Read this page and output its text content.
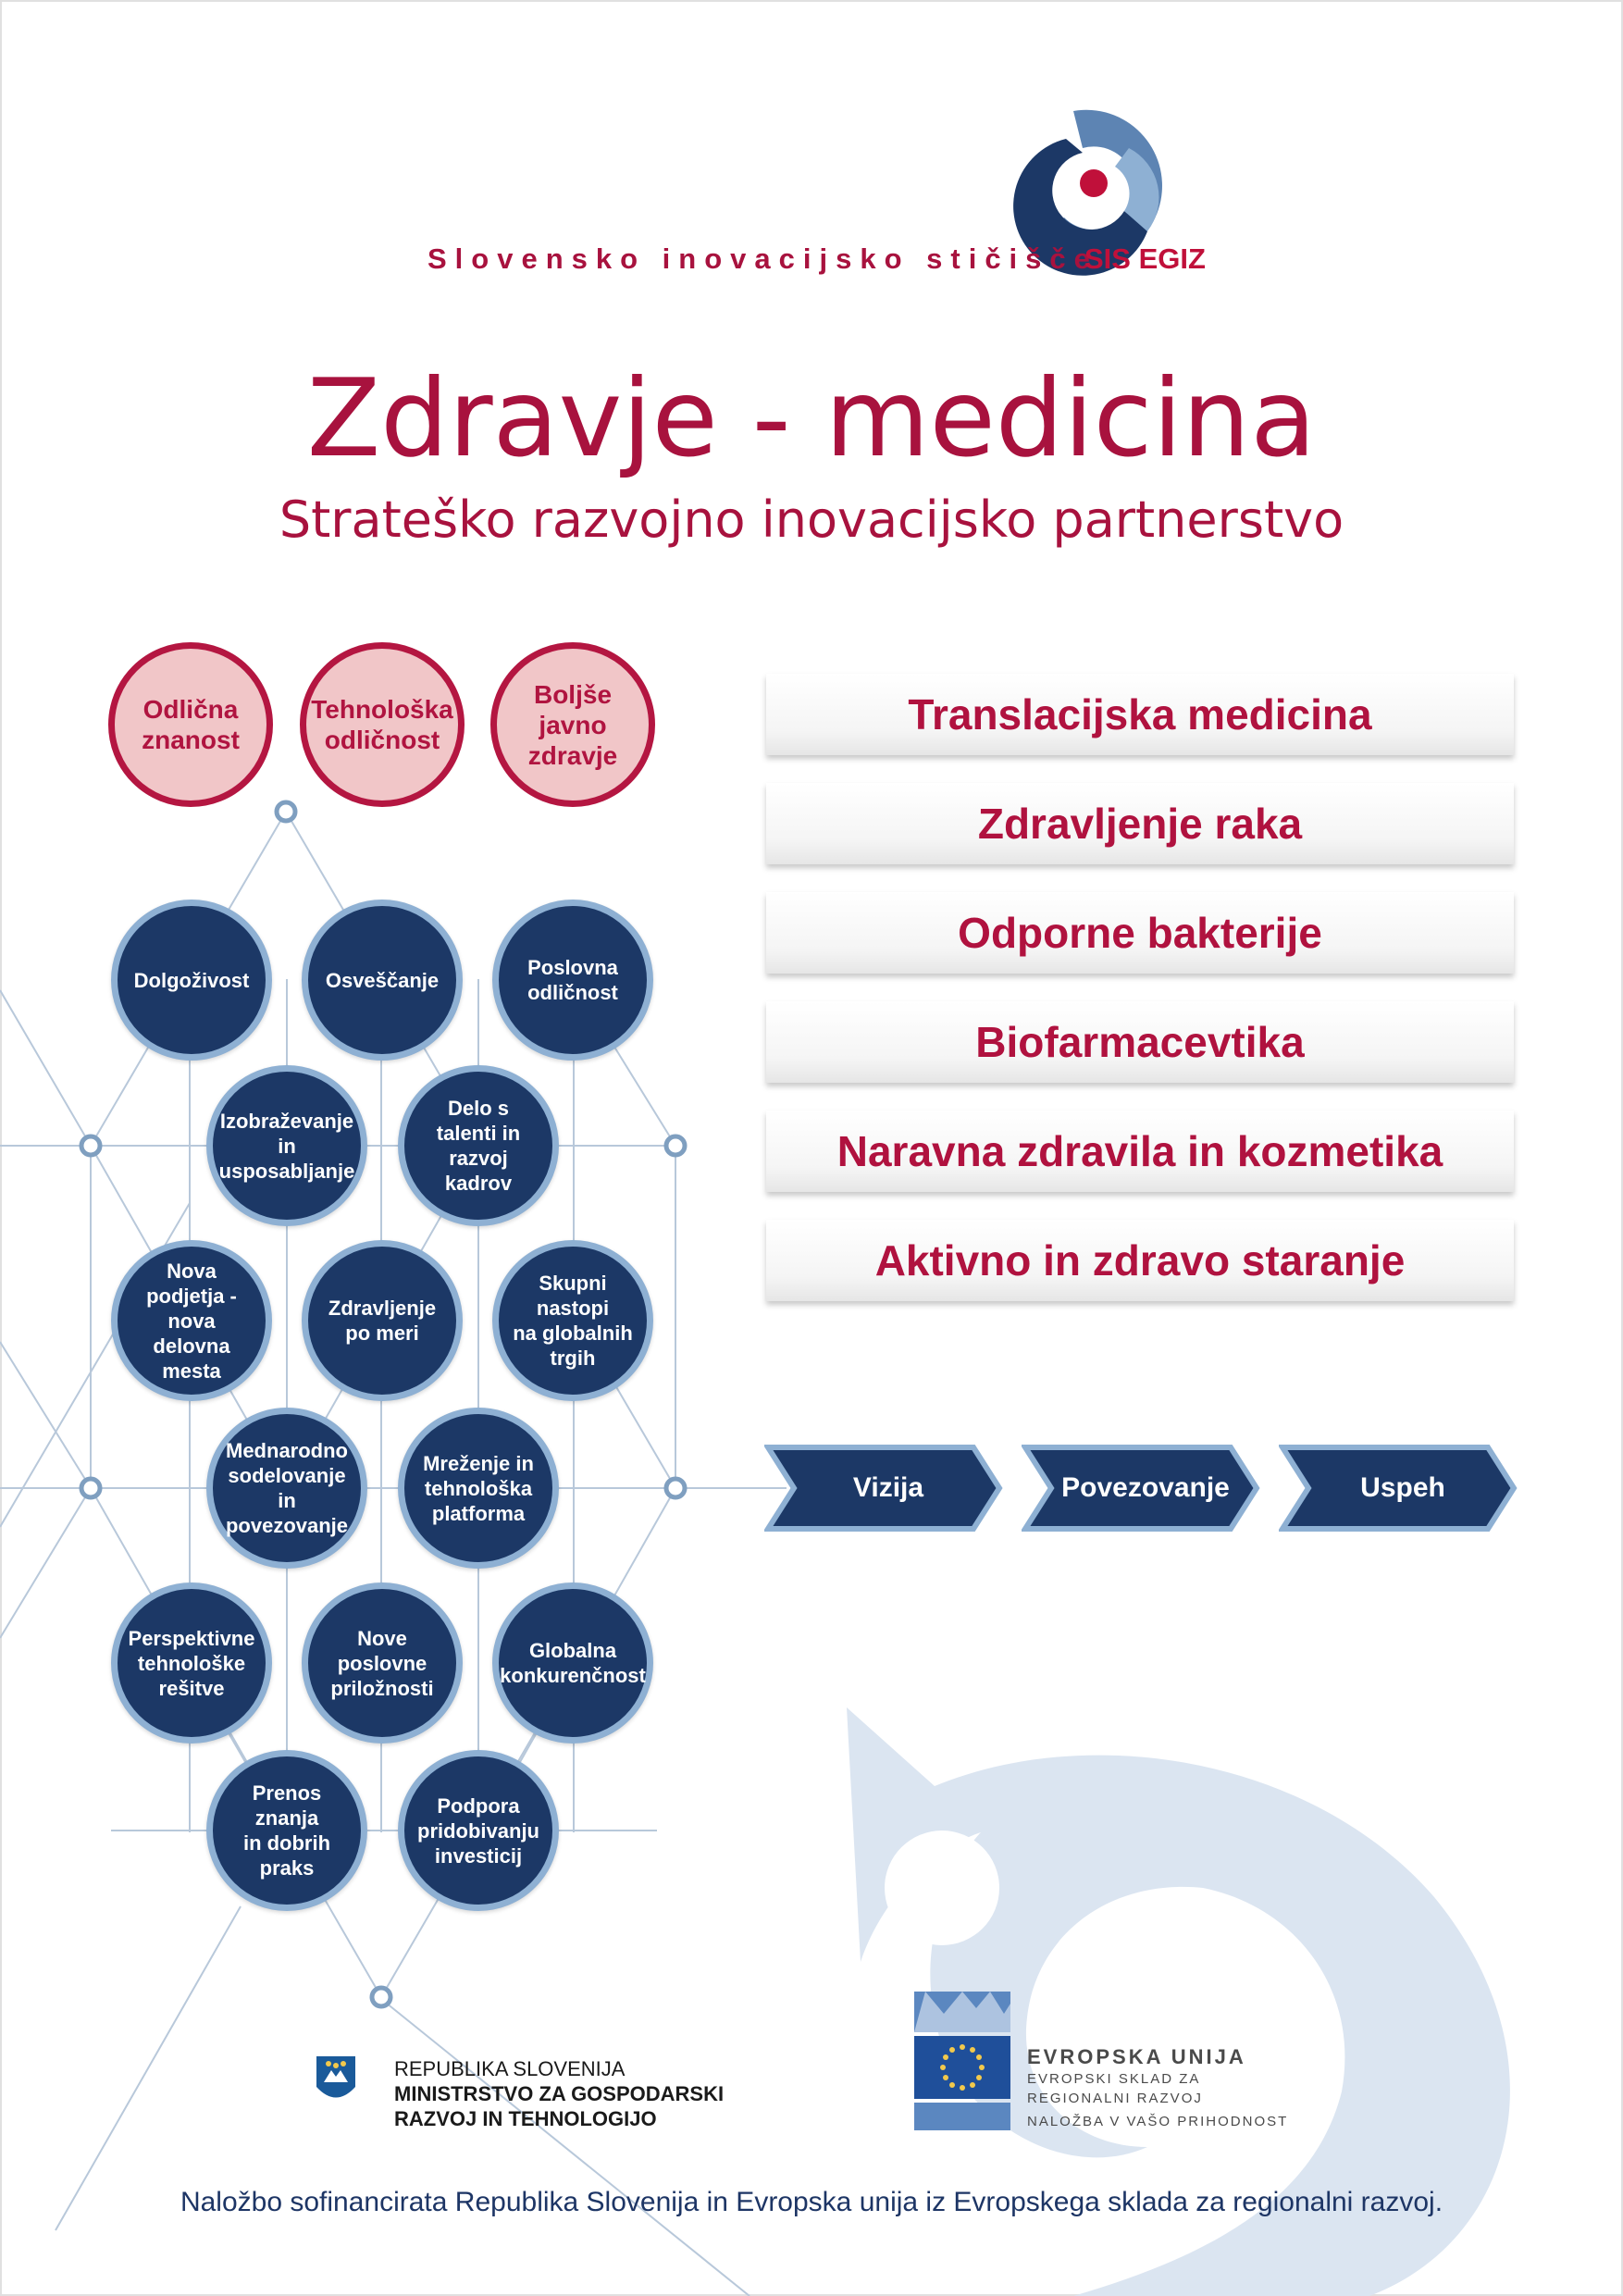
Slovensko inovacijsko stičišče
SIS EGIZ
Zdravje - medicina
Strateško razvojno inovacijsko partnerstvo
Odlična
znanost
Tehnološka
odličnost
Boljše
javno
zdravje
Dolgoživost	Osveščanje
Poslovna
odličnost
Izobraževanje
in
usposabljanje
Delo s
talenti in
razvoj
kadrov
Nova
podjetja -
nova delovna
mesta
Zdravljenje
po meri
Skupni
nastopi
na globalnih
trgih
Mednarodno
sodelovanje in
povezovanje
Mreženje in
tehnološka
platforma
Perspektivne
tehnološke
rešitve
Nove
poslovne
priložnosti
Globalna
konkurenčnost
Prenos znanja
in dobrih
praks
Podpora
pridobivanju
investicij
Translacijska medicina
Zdravljenje raka
Odporne bakterije
Biofarmacevtika
Naravna zdravila in kozmetika
Aktivno in zdravo staranje
Vizija	Povezovanje	Uspeh
REPUBLIKA SLOVENIJA
MINISTRSTVO ZA GOSPODARSKI
RAZVOJ IN TEHNOLOGIJO
EVROPSKA UNIJA
EVROPSKI SKLAD ZA
REGIONALNI RAZVOJ
NALOŽBA V VAŠO PRIHODNOST
Naložbo sofinancirata Republika Slovenija in Evropska unija iz Evropskega sklada za regionalni razvoj.
